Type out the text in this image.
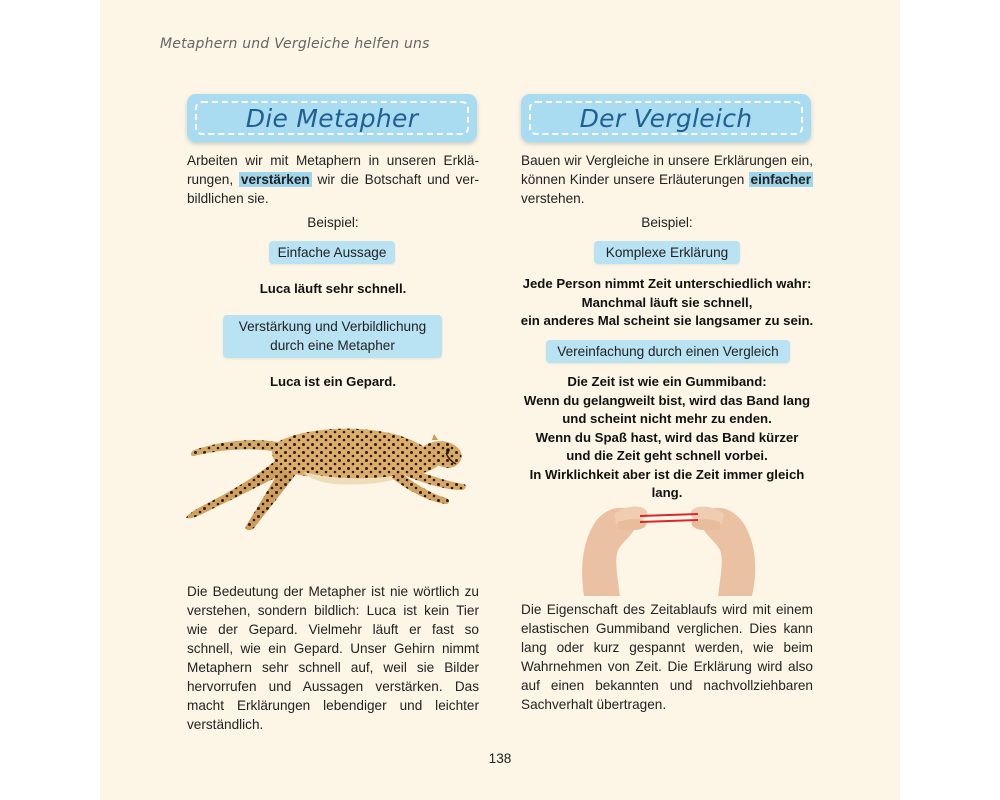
Metaphern und Vergleiche helfen uns
Die Metapher
Arbeiten wir mit Metaphern in unseren Erklä-rungen, verstärken wir die Botschaft und ver-bildlichen sie.
Beispiel:
Einfache Aussage
Luca läuft sehr schnell.
Verstärkung und Verbildlichung
durch eine Metapher
Luca ist ein Gepard.
Die Bedeutung der Metapher ist nie wörtlich zu verstehen, sondern bildlich: Luca ist kein Tier wie der Gepard. Vielmehr läuft er fast so schnell, wie ein Gepard. Unser Gehirn nimmt Metaphern sehr schnell auf, weil sie Bilder hervorrufen und Aussagen verstärken. Das macht Erklärungen lebendiger und leichter verständlich.
Der Vergleich
Bauen wir Vergleiche in unsere Erklärungen ein, können Kinder unsere Erläuterungen einfacher verstehen.
Beispiel:
Komplexe Erklärung
Jede Person nimmt Zeit unterschiedlich wahr:
Manchmal läuft sie schnell,
ein anderes Mal scheint sie langsamer zu sein.
Vereinfachung durch einen Vergleich
Die Zeit ist wie ein Gummiband:
Wenn du gelangweilt bist, wird das Band lang
und scheint nicht mehr zu enden.
Wenn du Spaß hast, wird das Band kürzer
und die Zeit geht schnell vorbei.
In Wirklichkeit aber ist die Zeit immer gleich
lang.
Die Eigenschaft des Zeitablaufs wird mit einem elastischen Gummiband verglichen. Dies kann lang oder kurz gespannt werden, wie beim Wahrnehmen von Zeit. Die Erklärung wird also auf einen bekannten und nachvollziehbaren Sachverhalt übertragen.
138
